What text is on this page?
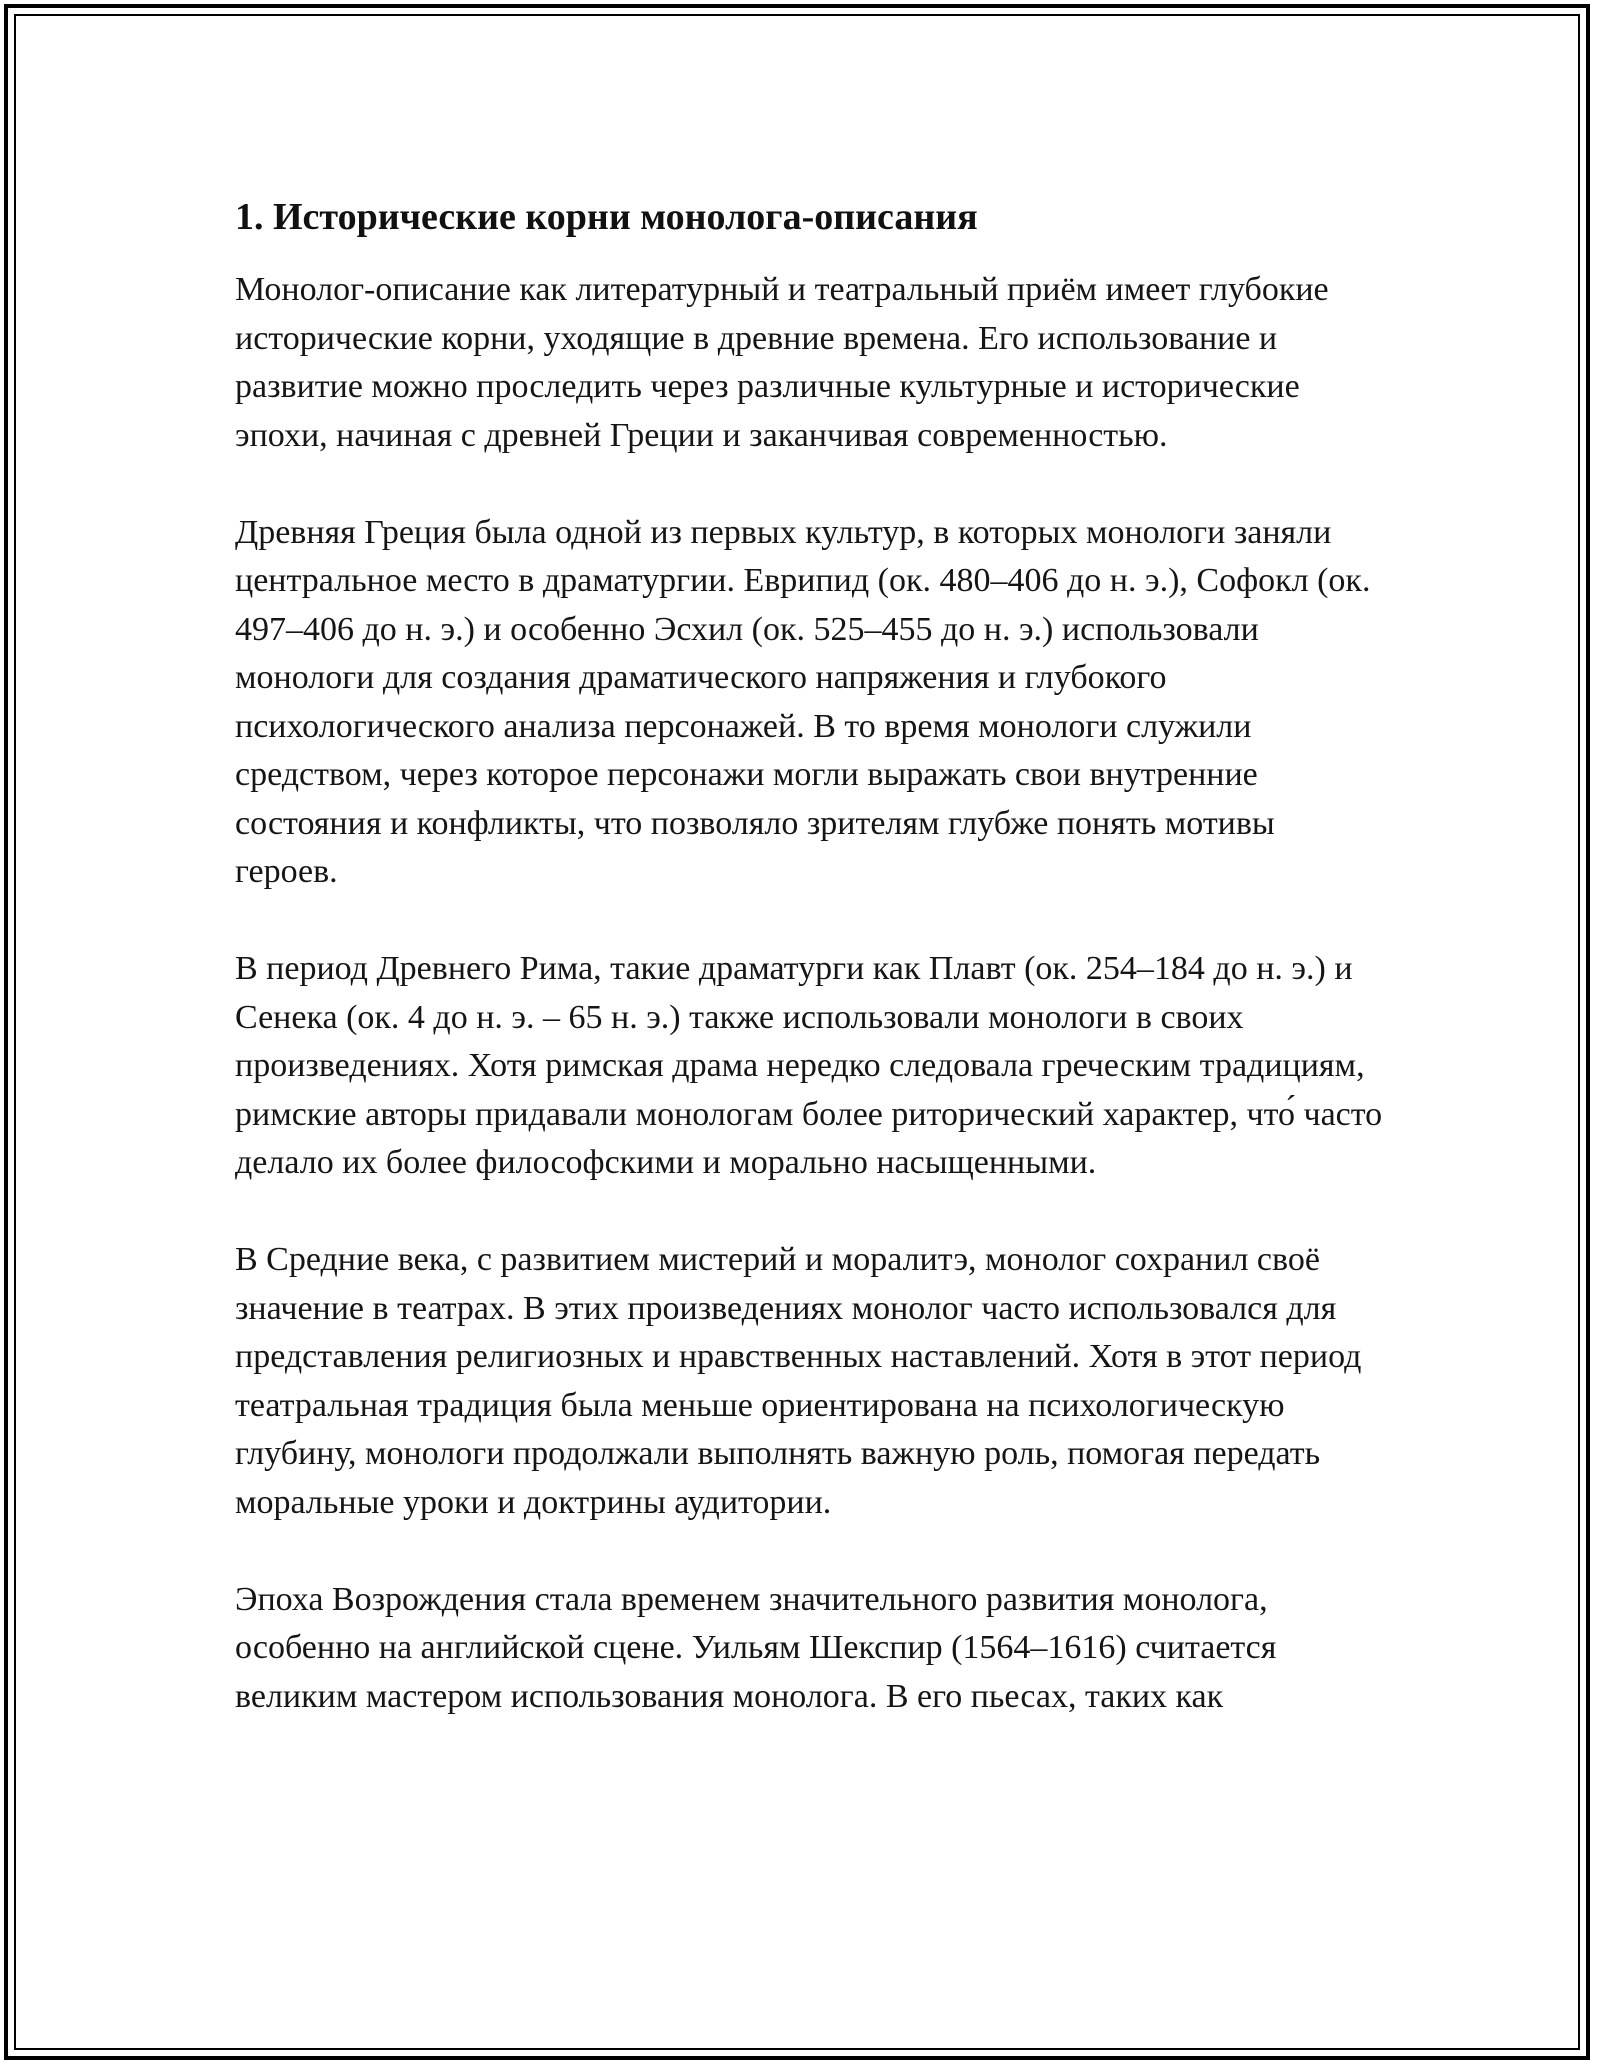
1. Исторические корни монолога-описания

Монолог-описание как литературный и театральный приём имеет глубокие исторические корни, уходящие в древние времена. Его использование и развитие можно проследить через различные культурные и исторические эпохи, начиная с древней Греции и заканчивая современностью.

Древняя Греция была одной из первых культур, в которых монологи заняли центральное место в драматургии. Еврипид (ок. 480–406 до н. э.), Софокл (ок. 497–406 до н. э.) и особенно Эсхил (ок. 525–455 до н. э.) использовали монологи для создания драматического напряжения и глубокого психологического анализа персонажей. В то время монологи служили средством, через которое персонажи могли выражать свои внутренние состояния и конфликты, что позволяло зрителям глубже понять мотивы героев.

В период Древнего Рима, такие драматурги как Плавт (ок. 254–184 до н. э.) и Сенека (ок. 4 до н. э. – 65 н. э.) также использовали монологи в своих произведениях. Хотя римская драма нередко следовала греческим традициям, римские авторы придавали монологам более риторический характер, что́ часто делало их более философскими и морально насыщенными.

В Средние века, с развитием мистерий и моралитэ, монолог сохранил своё значение в театрах. В этих произведениях монолог часто использовался для представления религиозных и нравственных наставлений. Хотя в этот период театральная традиция была меньше ориентирована на психологическую глубину, монологи продолжали выполнять важную роль, помогая передать моральные уроки и доктрины аудитории.

Эпоха Возрождения стала временем значительного развития монолога, особенно на английской сцене. Уильям Шекспир (1564–1616) считается великим мастером использования монолога. В его пьесах, таких как
